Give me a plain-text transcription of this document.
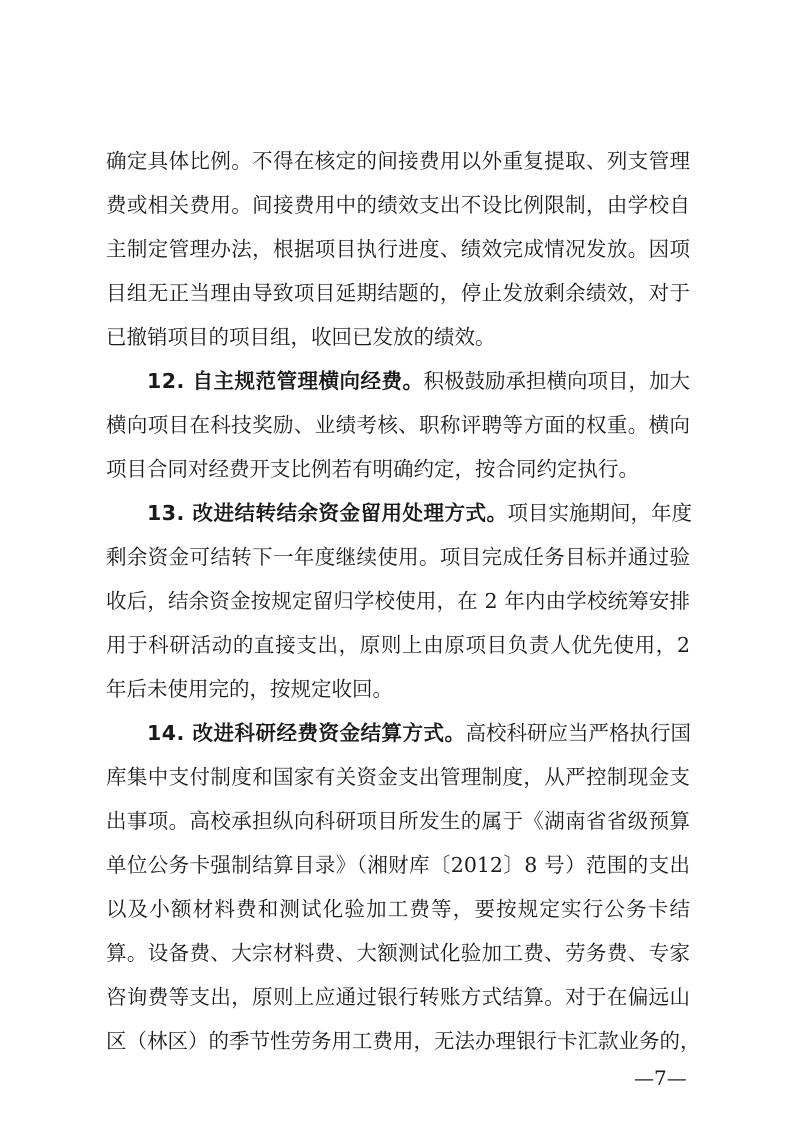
确定具体比例。不得在核定的间接费用以外重复提取、列支管理
费或相关费用。间接费用中的绩效支出不设比例限制，由学校自
主制定管理办法，根据项目执行进度、绩效完成情况发放。因项
目组无正当理由导致项目延期结题的，停止发放剩余绩效，对于
已撤销项目的项目组，收回已发放的绩效。
12. 自主规范管理横向经费。积极鼓励承担横向项目，加大
横向项目在科技奖励、业绩考核、职称评聘等方面的权重。横向
项目合同对经费开支比例若有明确约定，按合同约定执行。
13. 改进结转结余资金留用处理方式。项目实施期间，年度
剩余资金可结转下一年度继续使用。项目完成任务目标并通过验
收后，结余资金按规定留归学校使用，在 2 年内由学校统筹安排
用于科研活动的直接支出，原则上由原项目负责人优先使用，2
年后未使用完的，按规定收回。
14. 改进科研经费资金结算方式。高校科研应当严格执行国
库集中支付制度和国家有关资金支出管理制度，从严控制现金支
出事项。高校承担纵向科研项目所发生的属于《湖南省省级预算
单位公务卡强制结算目录》（湘财库〔2012〕8 号）范围的支出
以及小额材料费和测试化验加工费等，要按规定实行公务卡结
算。设备费、大宗材料费、大额测试化验加工费、劳务费、专家
咨询费等支出，原则上应通过银行转账方式结算。对于在偏远山
区（林区）的季节性劳务用工费用，无法办理银行卡汇款业务的，
—7—
